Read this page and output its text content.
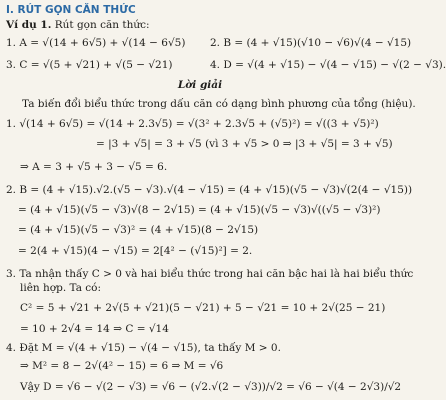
I. RÚT GỌN CĂN THỨC
Ví dụ 1. Rút gọn căn thức:
1. A = √(14 + 6√5) + √(14 − 6√5) 2. B = (4 + √15)(√10 − √6)√(4 − √15)
3. C = √(5 + √21) + √(5 − √21)	4. D = √(4 + √15) − √(4 − √15) − √(2 − √3).
Lời giải
Ta biến đổi biểu thức trong dấu căn có dạng bình phương của tổng (hiệu).
1. √(14 + 6√5) = √(14 + 2.3√5) = √(3² + 2.3√5 + (√5)²) = √((3 + √5)²)
= |3 + √5| = 3 + √5 (vì 3 + √5 > 0 ⇒ |3 + √5| = 3 + √5)
⇒ A = 3 + √5 + 3 − √5 = 6.
2. B = (4 + √15).√2.(√5 − √3).√(4 − √15) = (4 + √15)(√5 − √3)√(2(4 − √15))
= (4 + √15)(√5 − √3)√(8 − 2√15) = (4 + √15)(√5 − √3)√((√5 − √3)²)
= (4 + √15)(√5 − √3)² = (4 + √15)(8 − 2√15)
= 2(4 + √15)(4 − √15) = 2[4² − (√15)²] = 2.
3. Ta nhận thấy C > 0 và hai biểu thức trong hai căn bậc hai là hai biểu thức
liên hợp. Ta có:
C² = 5 + √21 + 2√(5 + √21)(5 − √21) + 5 − √21 = 10 + 2√(25 − 21)
= 10 + 2√4 = 14 ⇒ C = √14
4. Đặt M = √(4 + √15) − √(4 − √15), ta thấy M > 0.
⇒ M² = 8 − 2√(4² − 15) = 6 ⇒ M = √6
Vậy D = √6 − √(2 − √3) = √6 − (√2.√(2 − √3))/√2 = √6 − √(4 − 2√3)/√2
